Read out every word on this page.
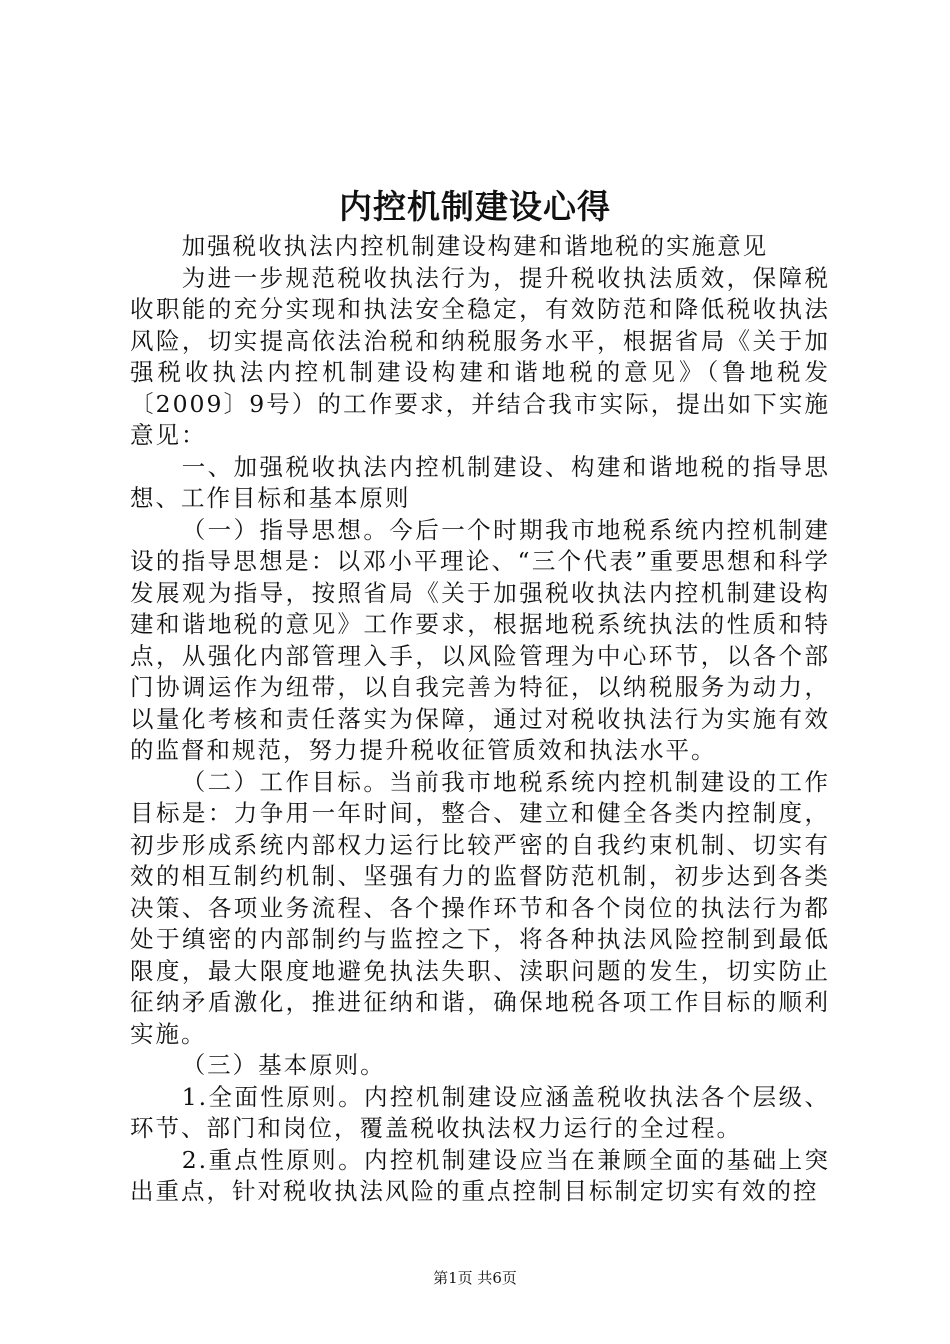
内控机制建设心得

加强税收执法内控机制建设构建和谐地税的实施意见

为进一步规范税收执法行为，提升税收执法质效，保障税收职能的充分实现和执法安全稳定，有效防范和降低税收执法风险，切实提高依法治税和纳税服务水平，根据省局《关于加强税收执法内控机制建设构建和谐地税的意见》（鲁地税发〔2009〕9号）的工作要求，并结合我市实际，提出如下实施意见：

一、加强税收执法内控机制建设、构建和谐地税的指导思想、工作目标和基本原则

（一）指导思想。今后一个时期我市地税系统内控机制建设的指导思想是：以邓小平理论、“三个代表”重要思想和科学发展观为指导，按照省局《关于加强税收执法内控机制建设构建和谐地税的意见》工作要求，根据地税系统执法的性质和特点，从强化内部管理入手，以风险管理为中心环节，以各个部门协调运作为纽带，以自我完善为特征，以纳税服务为动力，以量化考核和责任落实为保障，通过对税收执法行为实施有效的监督和规范，努力提升税收征管质效和执法水平。

（二）工作目标。当前我市地税系统内控机制建设的工作目标是：力争用一年时间，整合、建立和健全各类内控制度，初步形成系统内部权力运行比较严密的自我约束机制、切实有效的相互制约机制、坚强有力的监督防范机制，初步达到各类决策、各项业务流程、各个操作环节和各个岗位的执法行为都处于缜密的内部制约与监控之下，将各种执法风险控制到最低限度，最大限度地避免执法失职、渎职问题的发生，切实防止征纳矛盾激化，推进征纳和谐，确保地税各项工作目标的顺利实施。

（三）基本原则。

1.全面性原则。内控机制建设应涵盖税收执法各个层级、环节、部门和岗位，覆盖税收执法权力运行的全过程。

2.重点性原则。内控机制建设应当在兼顾全面的基础上突出重点，针对税收执法风险的重点控制目标制定切实有效的控

第1页 共6页
